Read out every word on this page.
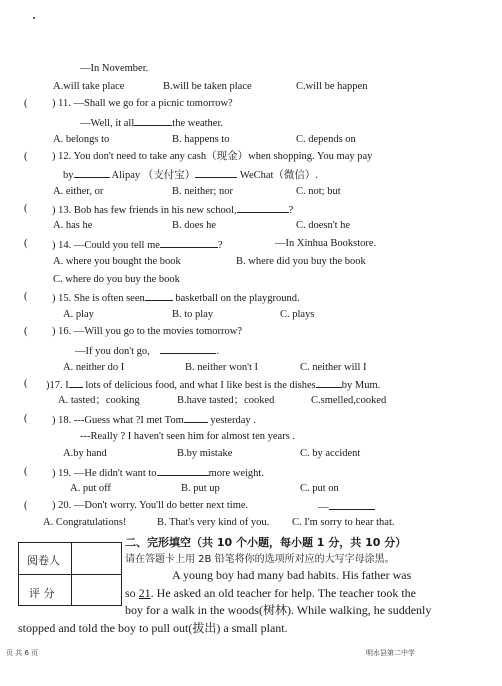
—In November.
A.will take place	B.will be taken place	C.will be happen
( ) 11. —Shall we go for a picnic tomorrow?
—Well, it all	the weather.
A. belongs to	B. happens to	C. depends on
( ) 12. You don't need to take any cash（现金）when shopping. You may pay
by	Alipay （支付宝）	WeChat（微信）.
A. either, or	B. neither; nor	C. not; but
( ) 13. Bob has few friends in his new school,	?
A. has he	B. does he	C. doesn't he
( ) 14. —Could you tell me	?	—In Xinhua Bookstore.
A. where you bought the book	B. where did you buy the book
C. where do you buy the book
( ) 15. She is often seen	basketball on the playground.
A. play	B. to play	C. plays
( ) 16. —Will you go to the movies tomorrow?
—If you don't go,	.
A. neither do I	B. neither won't I	C. neither will I
( )17. I lots of delicious food, and what I like best is the dishes by Mum.
A. tasted；cooking	B.have tasted；cooked	C.smelled,cooked
( ) 18. ---Guess what ?I met Tom	yesterday .
---Really ? I haven't seen him for almost ten years .
A.by hand	B.by mistake	C. by accident
( ) 19. —He didn't want to	more weight.
A. put off	B. put up	C. put on
( ) 20. —Don't worry. You'll do better next time.	—
A. Congratulations!	B. That's very kind of you. C. I'm sorry to hear that.
阅卷人
评 分
二、完形填空（共 10 个小题，每小题 1 分，共 10 分）
请在答题卡上用 2B 铅笔将你的选项所对应的大写字母涂黑。
A young boy had many bad habits. His father was
so 21. He asked an old teacher for help. The teacher took the
boy for a walk in the woods(树林). While walking, he suddenly
stopped and told the boy to pull out(拔出) a small plant.
页 共 6 页	明水县第二中学
